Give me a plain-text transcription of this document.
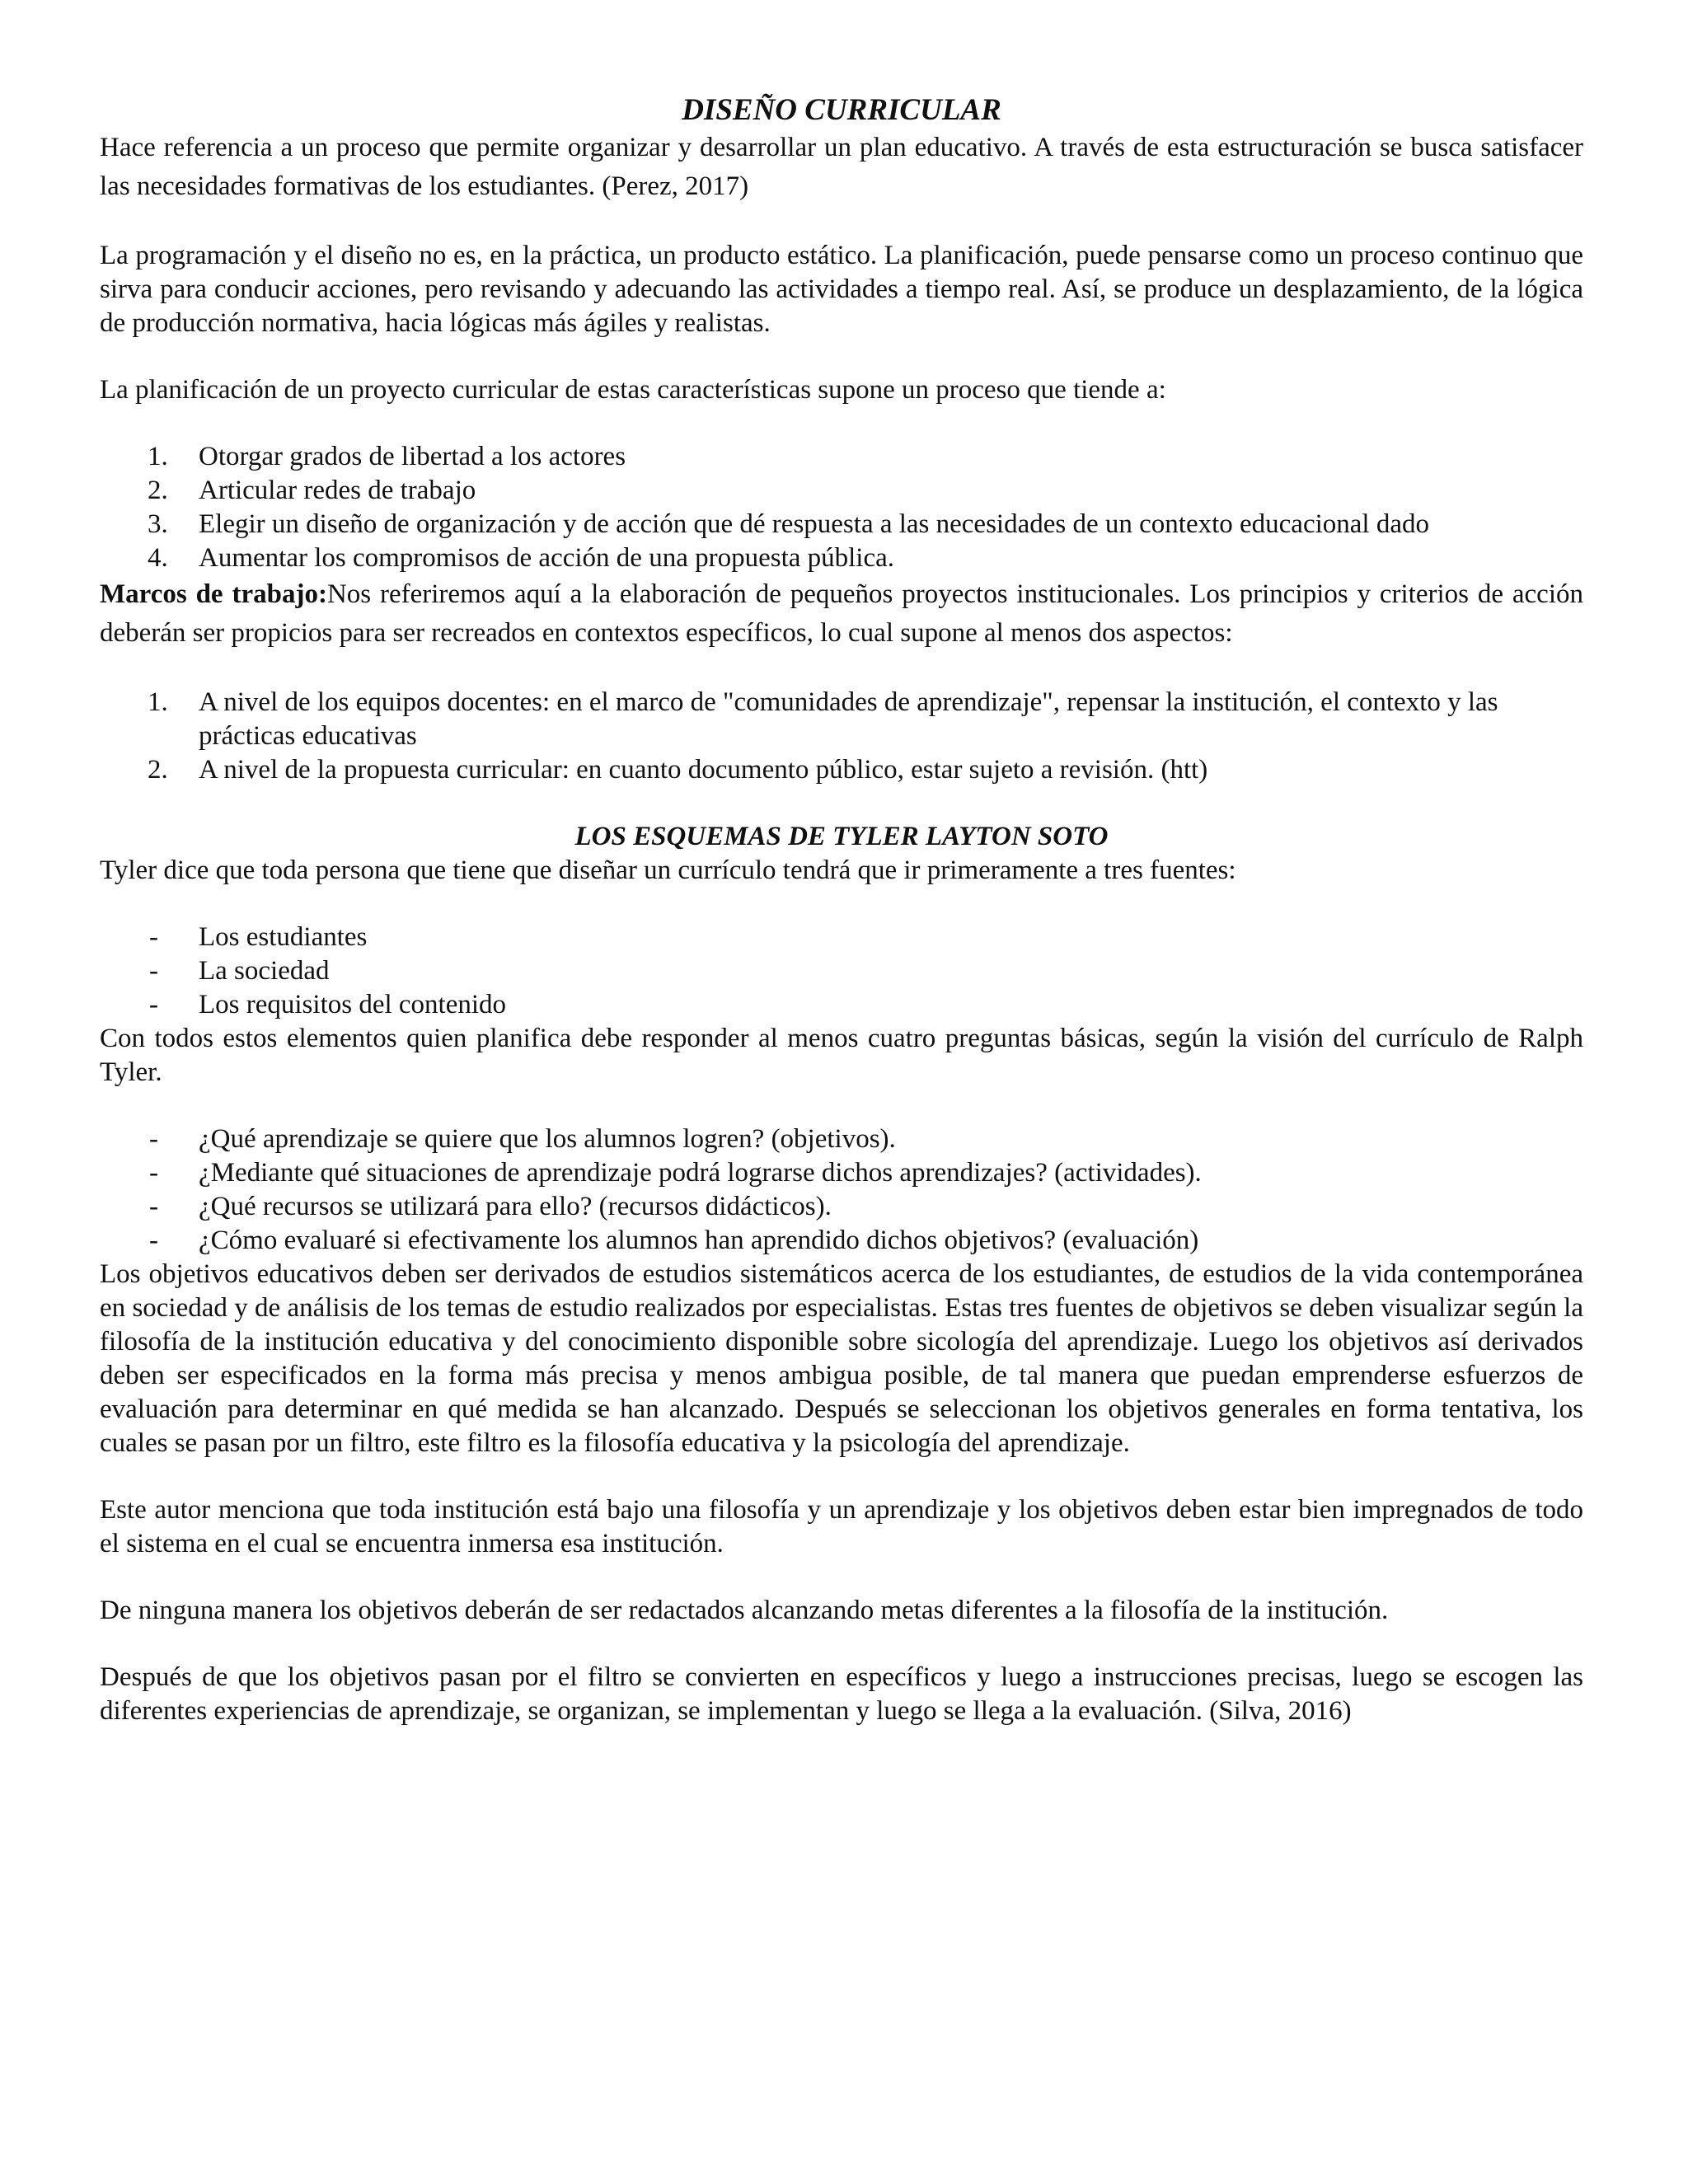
DISEÑO CURRICULAR

Hace referencia a un proceso que permite organizar y desarrollar un plan educativo. A través de esta estructuración se busca satisfacer las necesidades formativas de los estudiantes. (Perez, 2017)

La programación y el diseño no es, en la práctica, un producto estático. La planificación, puede pensarse como un proceso continuo que sirva para conducir acciones, pero revisando y adecuando las actividades a tiempo real. Así, se produce un desplazamiento, de la lógica de producción normativa, hacia lógicas más ágiles y realistas.

La planificación de un proyecto curricular de estas características supone un proceso que tiende a:

1.	Otorgar grados de libertad a los actores
2.	Articular redes de trabajo
3.	Elegir un diseño de organización y de acción que dé respuesta a las necesidades de un contexto educacional dado
4.	Aumentar los compromisos de acción de una propuesta pública.

Marcos de trabajo:Nos referiremos aquí a la elaboración de pequeños proyectos institucionales. Los principios y criterios de acción deberán ser propicios para ser recreados en contextos específicos, lo cual supone al menos dos aspectos:

1.	A nivel de los equipos docentes: en el marco de "comunidades de aprendizaje", repensar la institución, el contexto y las prácticas educativas
2.	A nivel de la propuesta curricular: en cuanto documento público, estar sujeto a revisión. (htt)
LOS ESQUEMAS DE TYLER LAYTON SOTO

Tyler dice que toda persona que tiene que diseñar un currículo tendrá que ir primeramente a tres fuentes:

- Los estudiantes
- La sociedad
- Los requisitos del contenido

Con todos estos elementos quien planifica debe responder al menos cuatro preguntas básicas, según la visión del currículo de Ralph Tyler.

- ¿Qué aprendizaje se quiere que los alumnos logren? (objetivos).
- ¿Mediante qué situaciones de aprendizaje podrá lograrse dichos aprendizajes? (actividades).
- ¿Qué recursos se utilizará para ello? (recursos didácticos).
- ¿Cómo evaluaré si efectivamente los alumnos han aprendido dichos objetivos? (evaluación)

Los objetivos educativos deben ser derivados de estudios sistemáticos acerca de los estudiantes, de estudios de la vida contemporánea en sociedad y de análisis de los temas de estudio realizados por especialistas. Estas tres fuentes de objetivos se deben visualizar según la filosofía de la institución educativa y del conocimiento disponible sobre sicología del aprendizaje. Luego los objetivos así derivados deben ser especificados en la forma más precisa y menos ambigua posible, de tal manera que puedan emprenderse esfuerzos de evaluación para determinar en qué medida se han alcanzado. Después se seleccionan los objetivos generales en forma tentativa, los cuales se pasan por un filtro, este filtro es la filosofía educativa y la psicología del aprendizaje.

Este autor menciona que toda institución está bajo una filosofía y un aprendizaje y los objetivos deben estar bien impregnados de todo el sistema en el cual se encuentra inmersa esa institución.

De ninguna manera los objetivos deberán de ser redactados alcanzando metas diferentes a la filosofía de la institución.

Después de que los objetivos pasan por el filtro se convierten en específicos y luego a instrucciones precisas, luego se escogen las diferentes experiencias de aprendizaje, se organizan, se implementan y luego se llega a la evaluación. (Silva, 2016)
